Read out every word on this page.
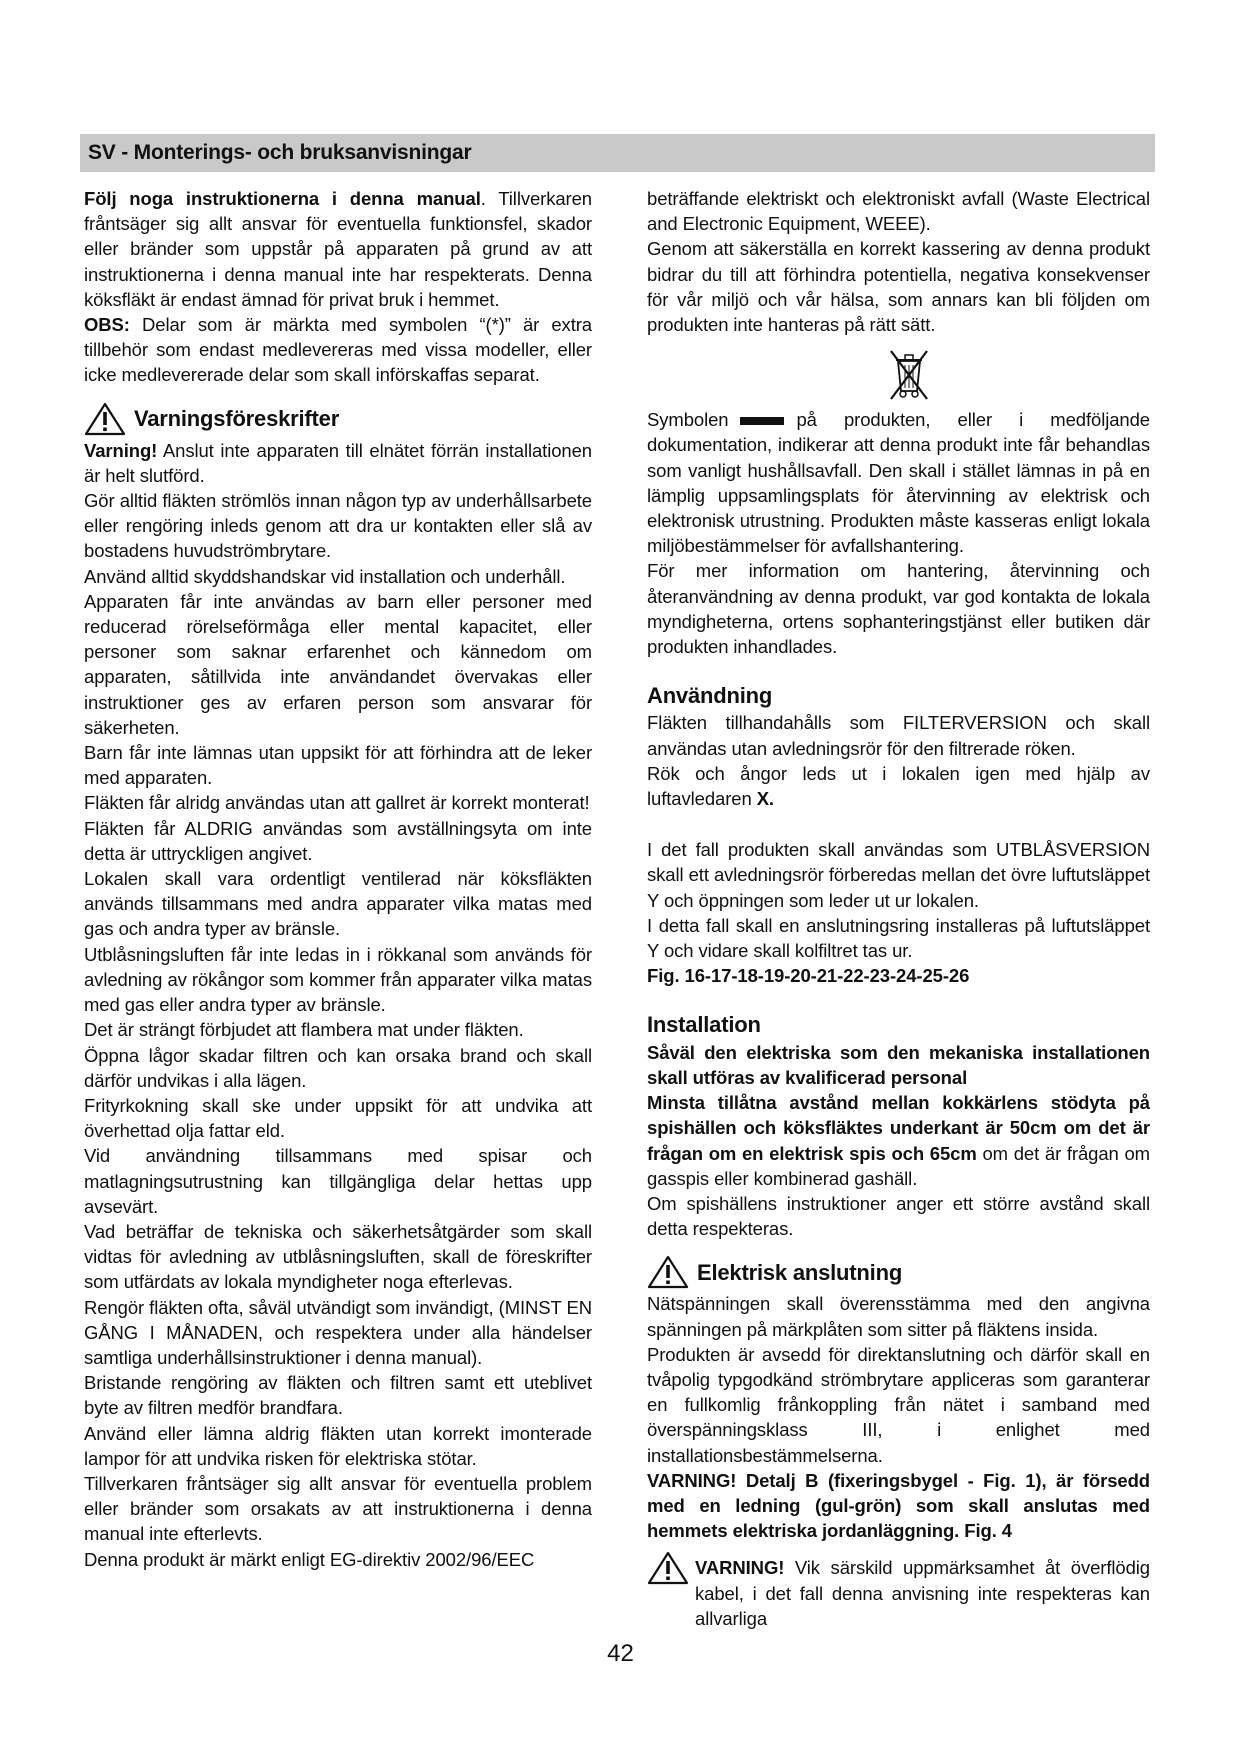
SV - Monterings- och bruksanvisningar

Följ noga instruktionerna i denna manual. Tillverkaren fråntsäger sig allt ansvar för eventuella funktionsfel, skador eller bränder som uppstår på apparaten på grund av att instruktionerna i denna manual inte har respekterats. Denna köksfläkt är endast ämnad för privat bruk i hemmet.

OBS: Delar som är märkta med symbolen “(*)” är extra tillbehör som endast medlevereras med vissa modeller, eller icke medlevererade delar som skall införskaffas separat.

Varningsföreskrifter

Varning! Anslut inte apparaten till elnätet förrän installationen är helt slutförd.

Gör alltid fläkten strömlös innan någon typ av underhållsarbete eller rengöring inleds genom att dra ur kontakten eller slå av bostadens huvudströmbrytare.

Använd alltid skyddshandskar vid installation och underhåll.

Apparaten får inte användas av barn eller personer med reducerad rörelseförmåga eller mental kapacitet, eller personer som saknar erfarenhet och kännedom om apparaten, såtillvida inte användandet övervakas eller instruktioner ges av erfaren person som ansvarar för säkerheten.

Barn får inte lämnas utan uppsikt för att förhindra att de leker med apparaten.

Fläkten får alridg användas utan att gallret är korrekt monterat!

Fläkten får ALDRIG användas som avställningsyta om inte detta är uttryckligen angivet.

Lokalen skall vara ordentligt ventilerad när köksfläkten används tillsammans med andra apparater vilka matas med gas och andra typer av bränsle.

Utblåsningsluften får inte ledas in i rökkanal som används för avledning av rökångor som kommer från apparater vilka matas med gas eller andra typer av bränsle.

Det är strängt förbjudet att flambera mat under fläkten.

Öppna lågor skadar filtren och kan orsaka brand och skall därför undvikas i alla lägen.

Frityrkokning skall ske under uppsikt för att undvika att överhettad olja fattar eld.

Vid användning tillsammans med spisar och matlagningsutrustning kan tillgängliga delar hettas upp avsevärt.

Vad beträffar de tekniska och säkerhetsåtgärder som skall vidtas för avledning av utblåsningsluften, skall de föreskrifter som utfärdats av lokala myndigheter noga efterlevas.

Rengör fläkten ofta, såväl utvändigt som invändigt, (MINST EN GÅNG I MÅNADEN, och respektera under alla händelser samtliga underhållsinstruktioner i denna manual).

Bristande rengöring av fläkten och filtren samt ett uteblivet byte av filtren medför brandfara.

Använd eller lämna aldrig fläkten utan korrekt imonterade lampor för att undvika risken för elektriska stötar.

Tillverkaren fråntsäger sig allt ansvar för eventuella problem eller bränder som orsakats av att instruktionerna i denna manual inte efterlevts.

Denna produkt är märkt enligt EG-direktiv 2002/96/EEC

beträffande elektriskt och elektroniskt avfall (Waste Electrical and Electronic Equipment, WEEE).

Genom att säkerställa en korrekt kassering av denna produkt bidrar du till att förhindra potentiella, negativa konsekvenser för vår miljö och vår hälsa, som annars kan bli följden om produkten inte hanteras på rätt sätt.

Symbolen	på produkten, eller i medföljande dokumentation, indikerar att denna produkt inte får behandlas som vanligt hushållsavfall. Den skall i stället lämnas in på en lämplig uppsamlingsplats för återvinning av elektrisk och elektronisk utrustning. Produkten måste kasseras enligt lokala miljöbestämmelser för avfallshantering.

För mer information om hantering, återvinning och återanvändning av denna produkt, var god kontakta de lokala myndigheterna, ortens sophanteringstjänst eller butiken där produkten inhandlades.

Användning

Fläkten tillhandahålls som FILTERVERSION och skall användas utan avledningsrör för den filtrerade röken.

Rök och ångor leds ut i lokalen igen med hjälp av luftavledaren X.

I det fall produkten skall användas som UTBLÅSVERSION skall ett avledningsrör förberedas mellan det övre luftutsläppet Y och öppningen som leder ut ur lokalen.

I detta fall skall en anslutningsring installeras på luftutsläppet Y och vidare skall kolfiltret tas ur.

Fig. 16-17-18-19-20-21-22-23-24-25-26

Installation

Såväl den elektriska som den mekaniska installationen skall utföras av kvalificerad personal

Minsta tillåtna avstånd mellan kokkärlens stödyta på spishällen och köksfläktes underkant är 50cm om det är frågan om en elektrisk spis och 65cm om det är frågan om gasspis eller kombinerad gashäll.

Om spishällens instruktioner anger ett större avstånd skall detta respekteras.

Elektrisk anslutning

Nätspänningen skall överensstämma med den angivna spänningen på märkplåten som sitter på fläktens insida.

Produkten är avsedd för direktanslutning och därför skall en tvåpolig typgodkänd strömbrytare appliceras som garanterar en fullkomlig frånkoppling från nätet i samband med överspänningsklass III, i enlighet med installationsbestämmelserna.

VARNING! Detalj B (fixeringsbygel - Fig. 1), är försedd med en ledning (gul-grön) som skall anslutas med hemmets elektriska jordanläggning. Fig. 4

VARNING! Vik särskild uppmärksamhet åt överflödig kabel, i det fall denna anvisning inte respekteras kan allvarliga

42
